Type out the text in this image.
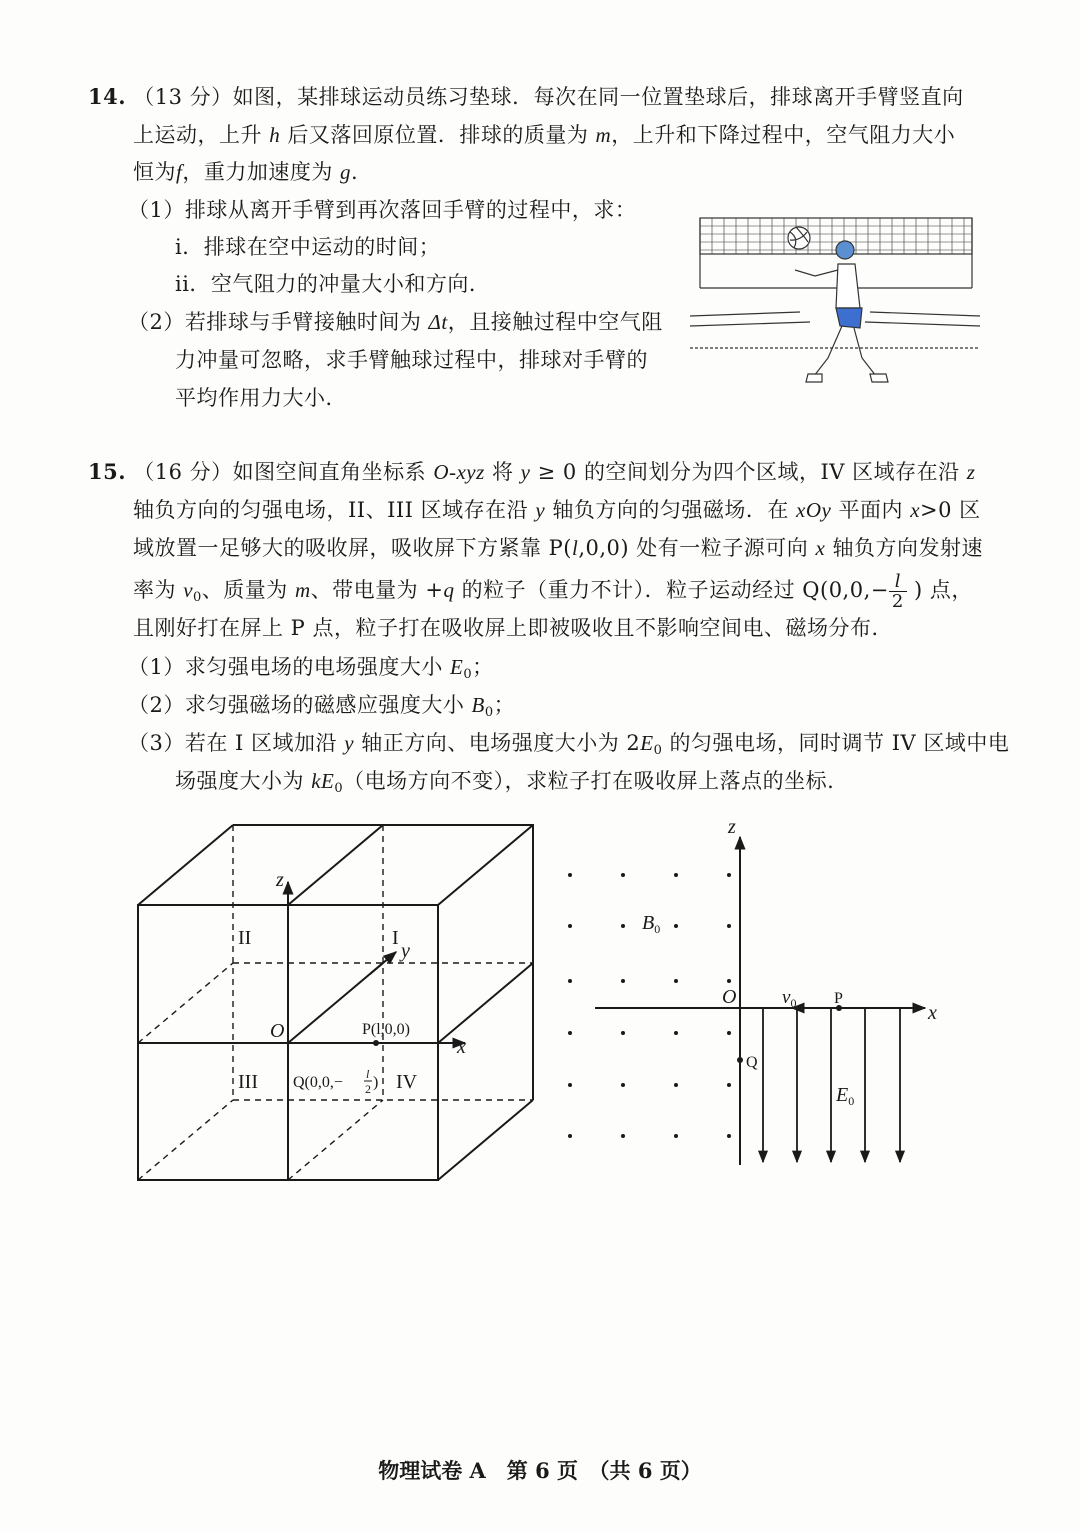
14. （13 分）如图，某排球运动员练习垫球．每次在同一位置垫球后，排球离开手臂竖直向
上运动，上升 h 后又落回原位置．排球的质量为 m，上升和下降过程中，空气阻力大小
恒为f，重力加速度为 g.
（1）排球从离开手臂到再次落回手臂的过程中，求：
i．排球在空中运动的时间；
ii．空气阻力的冲量大小和方向．
（2）若排球与手臂接触时间为 Δt，且接触过程中空气阻
力冲量可忽略，求手臂触球过程中，排球对手臂的
平均作用力大小．
15. （16 分）如图空间直角坐标系 O-xyz 将 y ≥ 0 的空间划分为四个区域，IV 区域存在沿 z
轴负方向的匀强电场，II、III 区域存在沿 y 轴负方向的匀强磁场．在 xOy 平面内 x>0 区
域放置一足够大的吸收屏，吸收屏下方紧靠 P(l,0,0) 处有一粒子源可向 x 轴负方向发射速
率为 $v_0$、质量为 m、带电量为 +q 的粒子（重力不计）．粒子运动经过 $Q(0,0,- \frac{l}{2}$ ) 点，
且刚好打在屏上 P 点，粒子打在吸收屏上即被吸收且不影响空间电、磁场分布．
（1）求匀强电场的电场强度大小 $E_0$；
（2）求匀强磁场的磁感应强度大小 $B_0$；
（3）若在 I 区域加沿 y 轴正方向、电场强度大小为 $2E_0$ 的匀强电场，同时调节 IV 区域中电
场强度大小为 $kE_0$（电场方向不变），求粒子打在吸收屏上落点的坐标.
z
y
x
O
I
II
III	IV
P(l,0,0)
Q(0,0,− l
2 )
z
x
O $v_0$ P
Q
$B_0$
$E_0$
物理试卷 A　第 6 页　（共 6 页）
